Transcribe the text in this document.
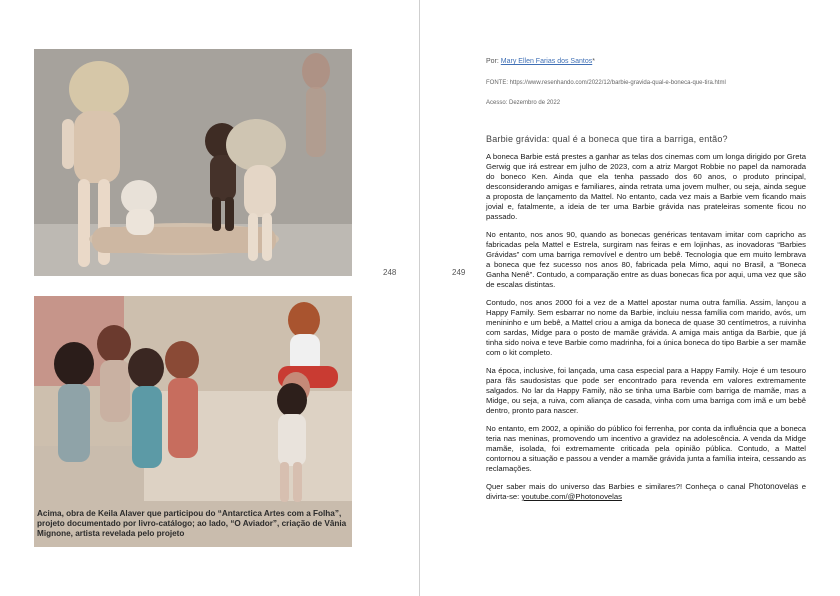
Acima, obra de Keila Alaver que participou do “Antarctica Artes com a Folha”, projeto documentado por livro-catálogo; ao lado, “O Aviador”, criação de Vânia Mignone, artista revelada pelo projeto
248	249
Por: Mary Ellen Farias dos Santos*
FONTE: https://www.resenhando.com/2022/12/barbie-gravida-qual-e-boneca-que-tira.html
Acesso: Dezembro de 2022
Barbie grávida: qual é a boneca que tira a barriga, então?

A boneca Barbie está prestes a ganhar as telas dos cinemas com um longa dirigido por Greta Gerwig que irá estrear em julho de 2023, com a atriz Margot Robbie no papel da namorada do boneco Ken. Ainda que ela tenha passado dos 60 anos, o produto principal, desconsiderando amigas e familiares, ainda retrata uma jovem mulher, ou seja, ainda segue a proposta de lançamento da Mattel. No entanto, cada vez mais a Barbie vem ficando mais jovial e, fatalmente, a ideia de ter uma Barbie grávida nas prateleiras somente ficou no passado.

No entanto, nos anos 90, quando as bonecas genéricas tentavam imitar com capricho as fabricadas pela Mattel e Estrela, surgiram nas feiras e em lojinhas, as inovadoras “Barbies Grávidas” com uma barriga removível e dentro um bebê. Tecnologia que em muito lembrava a boneca que fez sucesso nos anos 80, fabricada pela Mimo, aqui no Brasil, a “Boneca Ganha Nenê”. Contudo, a comparação entre as duas bonecas fica por aqui, uma vez que são de escalas distintas.

Contudo, nos anos 2000 foi a vez de a Mattel apostar numa outra família. Assim, lançou a Happy Family. Sem esbarrar no nome da Barbie, incluiu nessa família com marido, avós, um menininho e um bebê, a Mattel criou a amiga da boneca de quase 30 centímetros, a ruivinha com sardas, Midge para o posto de mamãe grávida. A amiga mais antiga da Barbie, que já tinha sido noiva e teve Barbie como madrinha, foi a única boneca do tipo Barbie a ser mamãe com o kit completo.

Na época, inclusive, foi lançada, uma casa especial para a Happy Family. Hoje é um tesouro para fãs saudosistas que pode ser encontrado para revenda em valores extremamente salgados. No lar da Happy Family, não se tinha uma Barbie com barriga de mamãe, mas a Midge, ou seja, a ruiva, com aliança de casada, vinha com uma barriga com imã e um bebê dentro, pronto para nascer.

No entanto, em 2002, a opinião do público foi ferrenha, por conta da influência que a boneca teria nas meninas, promovendo um incentivo a gravidez na adolescência. A venda da Midge mamãe, isolada, foi extremamente criticada pela opinião pública. Contudo, a Mattel contornou a situação e passou a vender a mamãe grávida junta a família inteira, cessando as reclamações.

Quer saber mais do universo das Barbies e similares?! Conheça o canal Photonovelas e divirta-se: youtube.com/@Photonovelas
